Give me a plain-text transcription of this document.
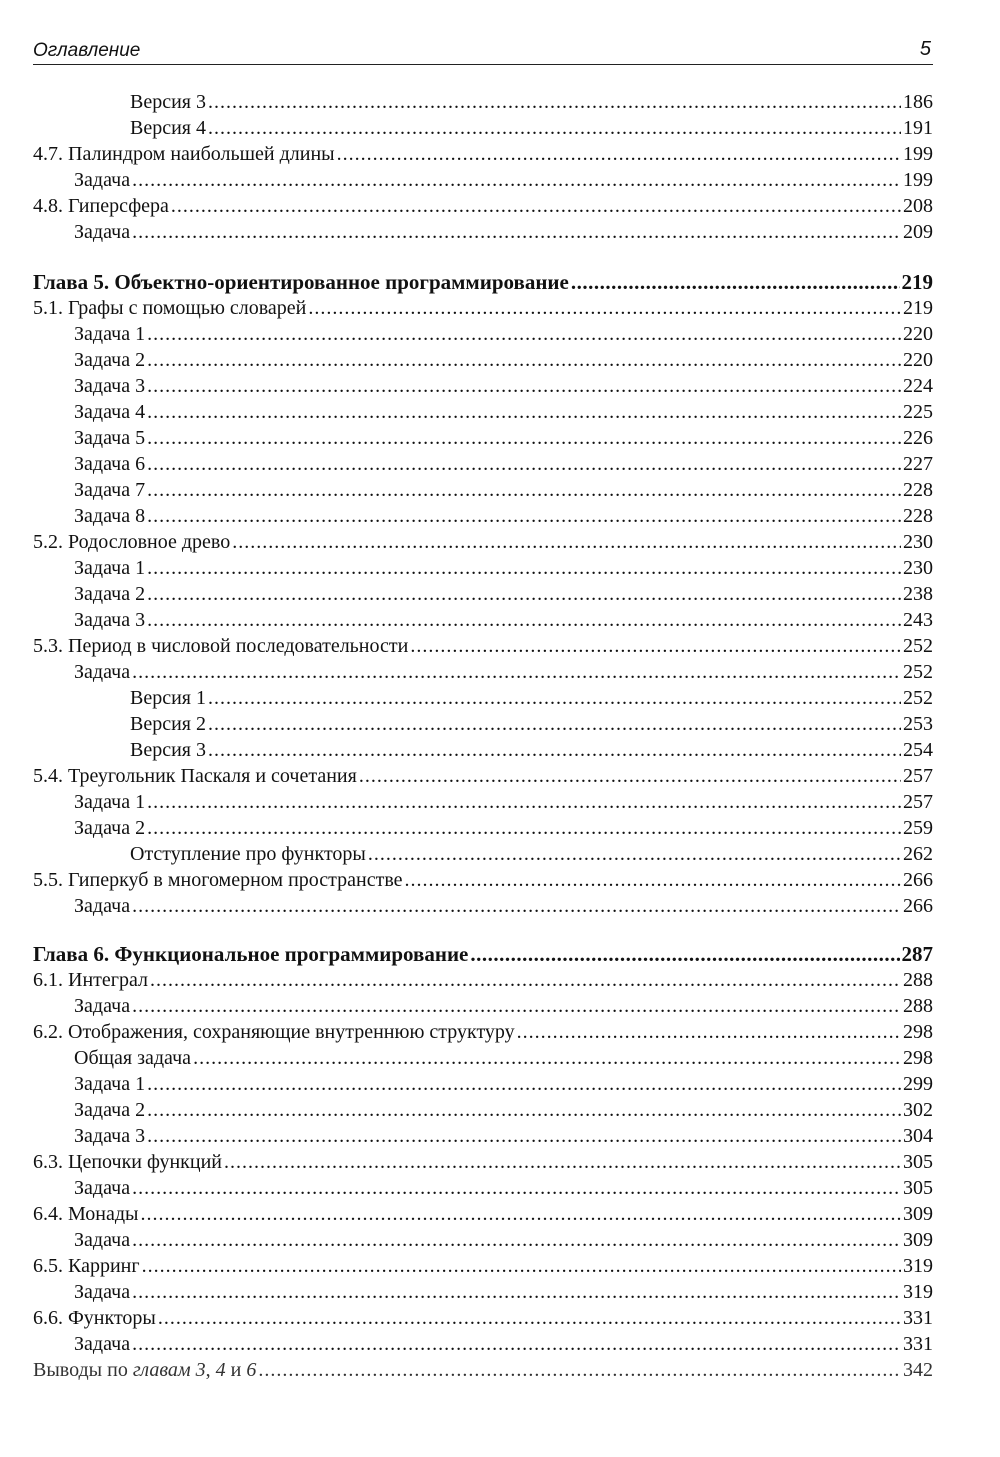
Оглавление	5
Версия 3 .....	186
Версия 4 .....	191
4.7. Палиндром наибольшей длины .....	199
Задача .....	199
4.8. Гиперсфера .....	208
Задача .....	209
Глава 5. Объектно-ориентированное программирование .....	219
5.1. Графы с помощью словарей .....	219
Задача 1 .....	220
Задача 2 .....	220
Задача 3 .....	224
Задача 4 .....	225
Задача 5 .....	226
Задача 6 .....	227
Задача 7 .....	228
Задача 8 .....	228
5.2. Родословное древо .....	230
Задача 1 .....	230
Задача 2 .....	238
Задача 3 .....	243
5.3. Период в числовой последовательности .....	252
Задача .....	252
Версия 1 .....	252
Версия 2 .....	253
Версия 3 .....	254
5.4. Треугольник Паскаля и сочетания .....	257
Задача 1 .....	257
Задача 2 .....	259
Отступление про функторы .....	262
5.5. Гиперкуб в многомерном пространстве .....	266
Задача .....	266
Глава 6. Функциональное программирование .....	287
6.1. Интеграл .....	288
Задача .....	288
6.2. Отображения, сохраняющие внутреннюю структуру .....	298
Общая задача .....	298
Задача 1 .....	299
Задача 2 .....	302
Задача 3 .....	304
6.3. Цепочки функций .....	305
Задача .....	305
6.4. Монады .....	309
Задача .....	309
6.5. Карринг .....	319
Задача .....	319
6.6. Функторы .....	331
Задача .....	331
Выводы по главам 3, 4 и 6 .....	342
